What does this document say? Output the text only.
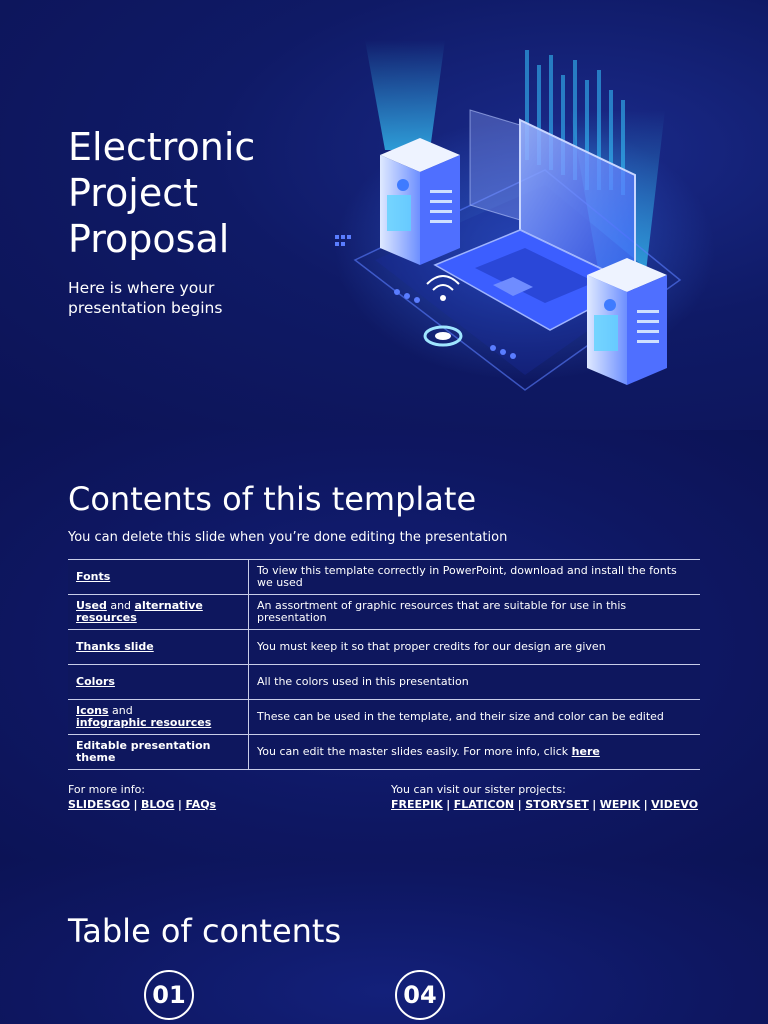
Electronic
Project
Proposal

Here is where your
presentation begins

Contents of this template

You can delete this slide when you’re done editing the presentation

Fonts	To view this template correctly in PowerPoint, download and install the fonts we used
Used and alternative resources	An assortment of graphic resources that are suitable for use in this presentation
Thanks slide	You must keep it so that proper credits for our design are given
Colors	All the colors used in this presentation
Icons and
infographic resources	These can be used in the template, and their size and color can be edited
Editable presentation theme	You can edit the master slides easily. For more info, click here
For more info:
SLIDESGO | BLOG | FAQs
You can visit our sister projects:
FREEPIK | FLATICON | STORYSET | WEPIK | VIDEVO
Table of contents
01	04
